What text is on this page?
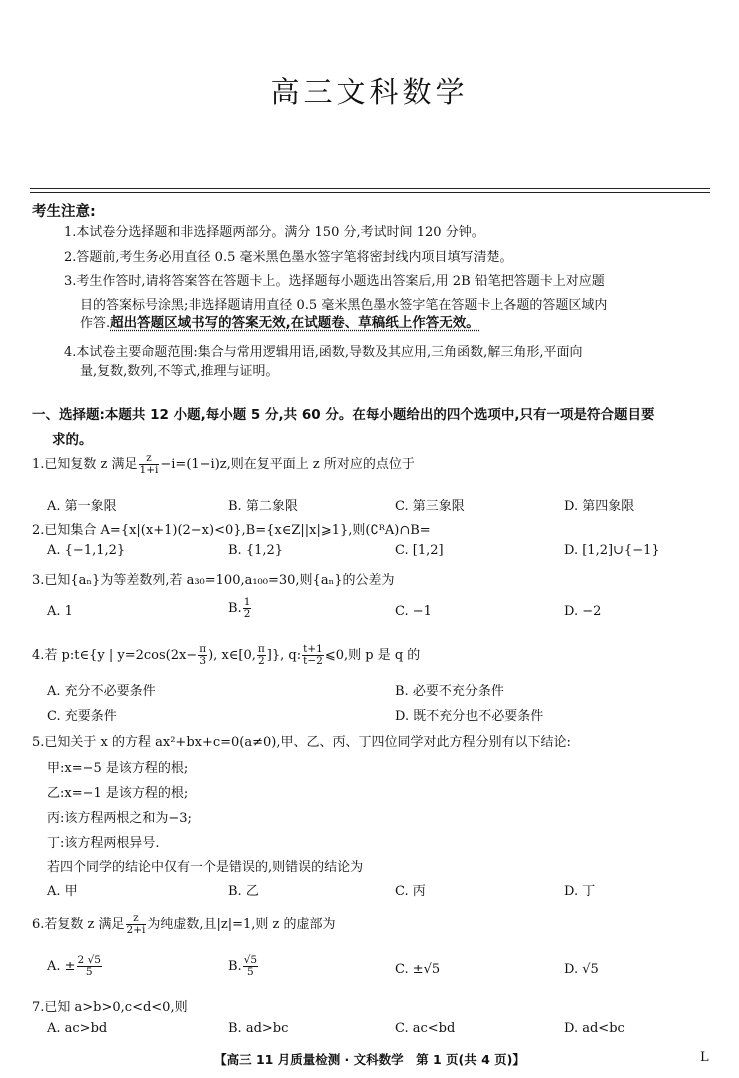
高三文科数学
考生注意:
1.本试卷分选择题和非选择题两部分。满分 150 分,考试时间 120 分钟。
2.答题前,考生务必用直径 0.5 毫米黑色墨水签字笔将密封线内项目填写清楚。
3.考生作答时,请将答案答在答题卡上。选择题每小题选出答案后,用 2B 铅笔把答题卡上对应题
目的答案标号涂黑;非选择题请用直径 0.5 毫米黑色墨水签字笔在答题卡上各题的答题区域内
作答.超出答题区域书写的答案无效,在试题卷、草稿纸上作答无效。
4.本试卷主要命题范围:集合与常用逻辑用语,函数,导数及其应用,三角函数,解三角形,平面向
量,复数,数列,不等式,推理与证明。
一、选择题:本题共 12 小题,每小题 5 分,共 60 分。在每小题给出的四个选项中,只有一项是符合题目要
求的。
1.已知复数 z 满足 $\frac{z}{1+i} -i=(1-i)z$,则在复平面上 z 所对应的点位于
A. 第一象限	B. 第二象限	C. 第三象限	D. 第四象限
2.已知集合 A={x|(x+1)(2−x)<0},B={x∈Z||x|⩾1},则(∁ᴿA)∩B=
A. {−1,1,2}	B. {1,2}	C. [1,2]	D. [1,2]∪{−1}
3.已知{aₙ}为等差数列,若 a₃₀=100,a₁₀₀=30,则{aₙ}的公差为
A. 1	B. $\frac{1}{2}$	C. −1	D. −2
4.若 p:t∈{y | $y=2\cos(2x- \frac{\pi}{3}$ ), x∈[0, $\frac{\pi}{2}$ ]}, q: $\frac{t+1}{t-2}$ ⩽0,则 p 是 q 的
A. 充分不必要条件	B. 必要不充分条件
C. 充要条件	D. 既不充分也不必要条件
5.已知关于 x 的方程 ax²+bx+c=0(a≠0),甲、乙、丙、丁四位同学对此方程分别有以下结论:
甲:x=−5 是该方程的根;
乙:x=−1 是该方程的根;
丙:该方程两根之和为−3;
丁:该方程两根异号.
若四个同学的结论中仅有一个是错误的,则错误的结论为
A. 甲	B. 乙	C. 丙	D. 丁
6.若复数 z 满足 $\frac{z}{2+i}$ 为纯虚数,且|z|=1,则 z 的虚部为
A. ± $\frac{2 √5}{5}$	B. $\frac{√5}{5}$	C. ±√5	D. √5
7.已知 a>b>0,c<d<0,则
A. ac>bd	B. ad>bc	C. ac<bd	D. ad<bc
【高三 11 月质量检测 · 文科数学　第 1 页(共 4 页)】	L
